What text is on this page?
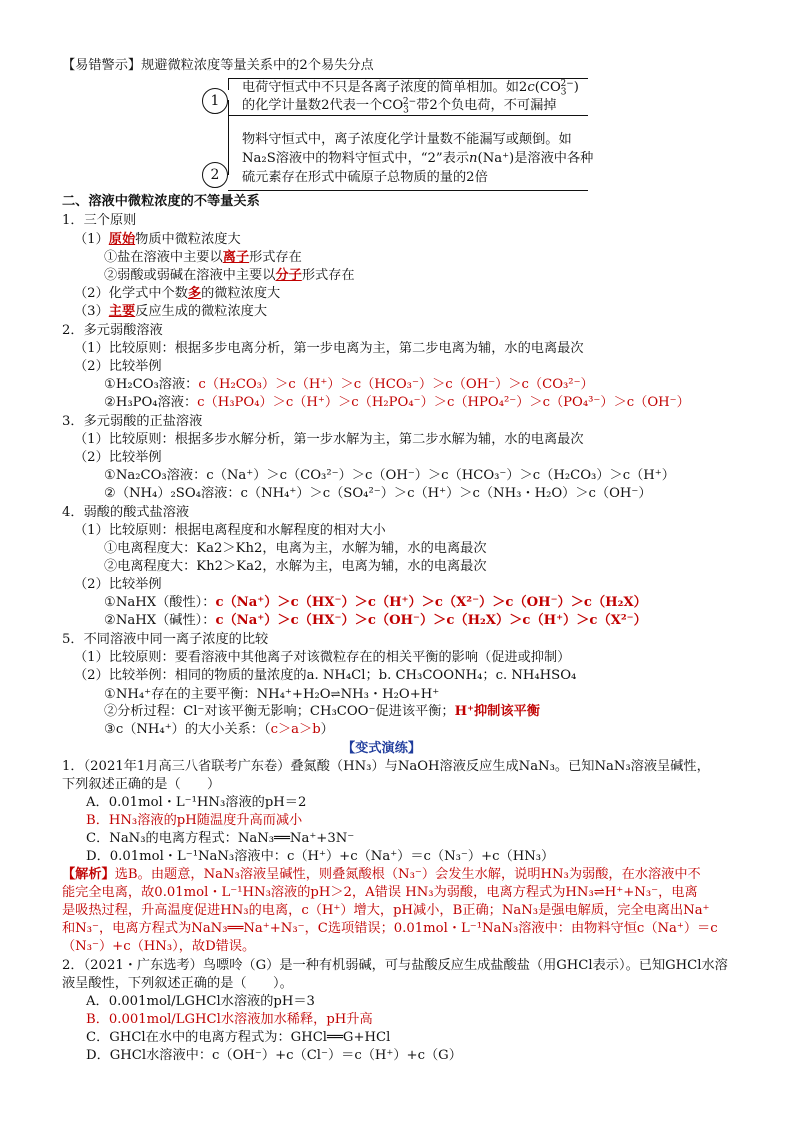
【易错警示】规避微粒浓度等量关系中的2个易失分点
1
2
电荷守恒式中不只是各离子浓度的简单相加。如$2c(CO_3^{2-})$
的化学计量数2代表一个$CO_3^{2-}$带2个负电荷，不可漏掉
物料守恒式中，离子浓度化学计量数不能漏写或颠倒。如
Na₂S溶液中的物料守恒式中，“2”表示n(Na⁺)是溶液中各种
硫元素存在形式中硫原子总物质的量的2倍
二、溶液中微粒浓度的不等量关系
1．三个原则
（1）原始物质中微粒浓度大
①盐在溶液中主要以离子形式存在
②弱酸或弱碱在溶液中主要以分子形式存在
（2）化学式中个数多的微粒浓度大
（3）主要反应生成的微粒浓度大
2．多元弱酸溶液
（1）比较原则：根据多步电离分析，第一步电离为主，第二步电离为辅，水的电离最次
（2）比较举例
①H₂CO₃溶液：c（H₂CO₃）＞c（H⁺）＞c（HCO₃⁻）＞c（OH⁻）＞c（CO₃²⁻）
②H₃PO₄溶液：c（H₃PO₄）＞c（H⁺）＞c（H₂PO₄⁻）＞c（HPO₄²⁻）＞c（PO₄³⁻）＞c（OH⁻）
3．多元弱酸的正盐溶液
（1）比较原则：根据多步水解分析，第一步水解为主，第二步水解为辅，水的电离最次
（2）比较举例
①Na₂CO₃溶液：c（Na⁺）＞c（CO₃²⁻）＞c（OH⁻）＞c（HCO₃⁻）＞c（H₂CO₃）＞c（H⁺）
②（NH₄）₂SO₄溶液：c（NH₄⁺）＞c（SO₄²⁻）＞c（H⁺）＞c（NH₃・H₂O）＞c（OH⁻）
4．弱酸的酸式盐溶液
（1）比较原则：根据电离程度和水解程度的相对大小
①电离程度大：Ka2＞Kh2，电离为主，水解为辅，水的电离最次
②电离程度大：Kh2＞Ka2，水解为主，电离为辅，水的电离最次
（2）比较举例
①NaHX（酸性）：c（Na⁺）＞c（HX⁻）＞c（H⁺）＞c（X²⁻）＞c（OH⁻）＞c（H₂X）
②NaHX（碱性）：c（Na⁺）＞c（HX⁻）＞c（OH⁻）＞c（H₂X）＞c（H⁺）＞c（X²⁻）
5．不同溶液中同一离子浓度的比较
（1）比较原则：要看溶液中其他离子对该微粒存在的相关平衡的影响（促进或抑制）
（2）比较举例：相同的物质的量浓度的a. NH₄Cl；b. CH₃COONH₄；c. NH₄HSO₄
①NH₄⁺存在的主要平衡：NH₄⁺+H₂O⇌NH₃・H₂O+H⁺
②分析过程：Cl⁻对该平衡无影响；CH₃COO⁻促进该平衡；H⁺抑制该平衡
③c（NH₄⁺）的大小关系：（c＞a＞b）
【变式演练】
1．（2021年1月高三八省联考广东卷）叠氮酸（HN₃）与NaOH溶液反应生成NaN₃。已知NaN₃溶液呈碱性，
下列叙述正确的是（　　）
A．0.01mol・L⁻¹HN₃溶液的pH＝2
B．HN₃溶液的pH随温度升高而减小
C．NaN₃的电离方程式：NaN₃══Na⁺+3N⁻
D．0.01mol・L⁻¹NaN₃溶液中：c（H⁺）+c（Na⁺）＝c（N₃⁻）+c（HN₃）
【解析】选B。由题意，NaN₃溶液呈碱性，则叠氮酸根（N₃⁻）会发生水解，说明HN₃为弱酸，在水溶液中不
能完全电离，故0.01mol・L⁻¹HN₃溶液的pH＞2，A错误 HN₃为弱酸，电离方程式为HN₃⇌H⁺+N₃⁻，电离
是吸热过程，升高温度促进HN₃的电离，c（H⁺）增大，pH减小，B正确；NaN₃是强电解质，完全电离出Na⁺
和N₃⁻，电离方程式为NaN₃══Na⁺+N₃⁻，C选项错误；0.01mol・L⁻¹NaN₃溶液中：由物料守恒c（Na⁺）＝c
（N₃⁻）+c（HN₃），故D错误。
2．（2021・广东选考）鸟嘌呤（G）是一种有机弱碱，可与盐酸反应生成盐酸盐（用GHCl表示）。已知GHCl水溶
液呈酸性，下列叙述正确的是（　　）。
A．0.001mol/LGHCl水溶液的pH＝3
B．0.001mol/LGHCl水溶液加水稀释，pH升高
C．GHCl在水中的电离方程式为：GHCl══G+HCl
D．GHCl水溶液中：c（OH⁻）+c（Cl⁻）＝c（H⁺）+c（G）
